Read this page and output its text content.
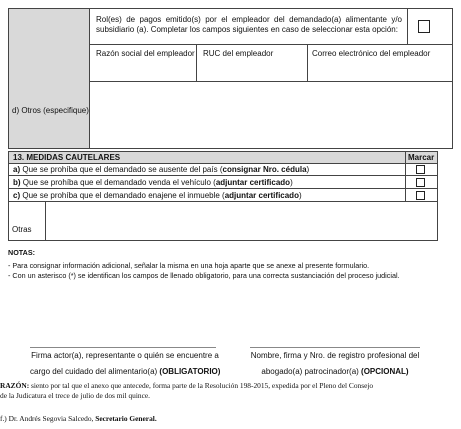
Rol(es) de pagos emitido(s) por el empleador del demandado(a) alimentante y/o subsidiario (a). Completar los campos siguientes en caso de seleccionar esta opción:
Razón social del empleador RUC del empleador	Correo electrónico del empleador
d) Otros (especifique)
13. MEDIDAS CAUTELARES	Marcar
a) Que se prohíba que el demandado se ausente del país (consignar Nro. cédula)
b) Que se prohíba que el demandado venda el vehículo (adjuntar certificado)
c) Que se prohíba que el demandado enajene el inmueble (adjuntar certificado)
Otras
NOTAS:
- Para consignar información adicional, señalar la misma en una hoja aparte que se anexe al presente formulario.
- Con un asterisco (*) se identifican los campos de llenado obligatorio, para una correcta sustanciación del proceso judicial.
Firma actor(a), representante o quién se encuentre a
cargo del cuidado del alimentario(a) (OBLIGATORIO)
Nombre, firma y Nro. de registro profesional del
abogado(a) patrocinador(a) (OPCIONAL)
RAZÓN: siento por tal que el anexo que antecede, forma parte de la Resolución 198-2015, expedida por el Pleno del Consejo
de la Judicatura el trece de julio de dos mil quince.
f.) Dr. Andrés Segovia Salcedo, Secretario General.
